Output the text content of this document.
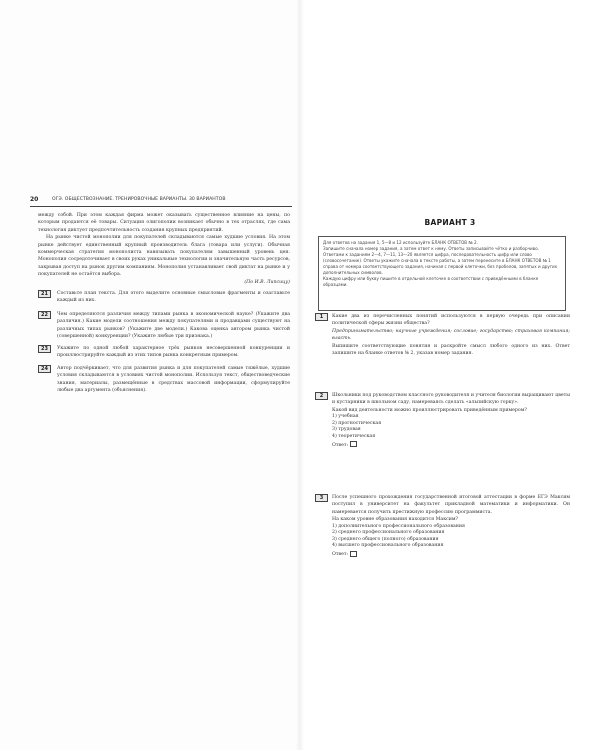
20	ОГЭ. ОБЩЕСТВОЗНАНИЕ. ТРЕНИРОВОЧНЫЕ ВАРИАНТЫ. 30 ВАРИАНТОВ

между собой. При этом каждая фирма может оказывать существенное влияние на цены, по которым продаются её товары. Ситуация олигополии возникает обычно в тех отраслях, где сама технология диктует предпочтительность создания крупных предприятий.

На рынке чистой монополии для покупателей складываются самые худшие условия. На этом рынке действует единственный крупный производитель блага (товара или услуги). Обычная коммерческая стратегия монополиста навязывать покупателям завышенный уровень цен. Монополия сосредоточивает в своих руках уникальные технологии и значительную часть ресурсов, закрывая доступ на рынок другим компаниям. Монополия устанавливает свой диктат на рынке и у покупателей не остаётся выбора.

(По И.В. Липсицу)

21	Составьте план текста. Для этого выделите основные смысловые фрагменты и озаглавьте каждый из них.
22	Чем определяются различия между типами рынка в экономической науке? (Укажите два различия.) Какие модели соотношения между покупателями и продавцами существуют на различных типах рынков? (Укажите две модели.) Какова оценка автором рынка чистой (совершенной) конкуренции? (Укажите любые три признака.)
23	Укажите по одной любой характерное трёх рынков несовершенной конкуренции и проиллюстрируйте каждый из этих типов рынка конкретным примером.
24	Автор подчёркивает, что для развития рынка и для покупателей самые тяжёлые, худшие условия складываются в условиях чистой монополии. Используя текст, обществоведческие знания, материалы, размещённые в средствах массовой информации, сформулируйте любые два аргумента (объяснения).
ВАРИАНТ 3

Для ответов на задания 1, 5—8 и 12 используйте БЛАНК ОТВЕТОВ № 2.

Запишите сначала номер задания, а затем ответ к нему. Ответы записывайте чётко и разборчиво.

Ответами к заданиям 2—4, 7—11, 13—20 является цифра, последовательность цифр или слово (словосочетание). Ответы укажите сначала в тексте работы, а затем перенесите в БЛАНК ОТВЕТОВ № 1 справа от номера соответствующего задания, начиная с первой клеточки, без пробелов, запятых и других дополнительных символов.

Каждую цифру или букву пишите в отдельной клеточке в соответствии с приведёнными в бланке образцами.

1	Какие два из перечисленных понятий используются в первую очередь при описании политической сферы жизни общества?

Предпринимательство; научные учреждения; сословие; государство; страховая компания; власть.

Выпишите соответствующие понятия и раскройте смысл любого одного из них. Ответ запишите на бланке ответов № 2, указав номер задания.

2	Школьники под руководством классного руководителя и учителя биологии выращивают цветы и кустарники в школьном саду, намереваясь сделать «альпийскую горку».

Какой вид деятельности можно проиллюстрировать приведённым примером?

1) учебная

2) прогностическая

3) трудовая

4) теоретическая

Ответ:
3	После успешного прохождения государственной итоговой аттестации в форме ЕГЭ Максим поступил в университет на факультет прикладной математики и информатики. Он намеревается получить престижную профессию программиста.

На каком уровне образования находится Максим?

1) дополнительного профессионального образования

2) среднего профессионального образования

3) среднего общего (полного) образования

4) высшего профессионального образования

Ответ:
